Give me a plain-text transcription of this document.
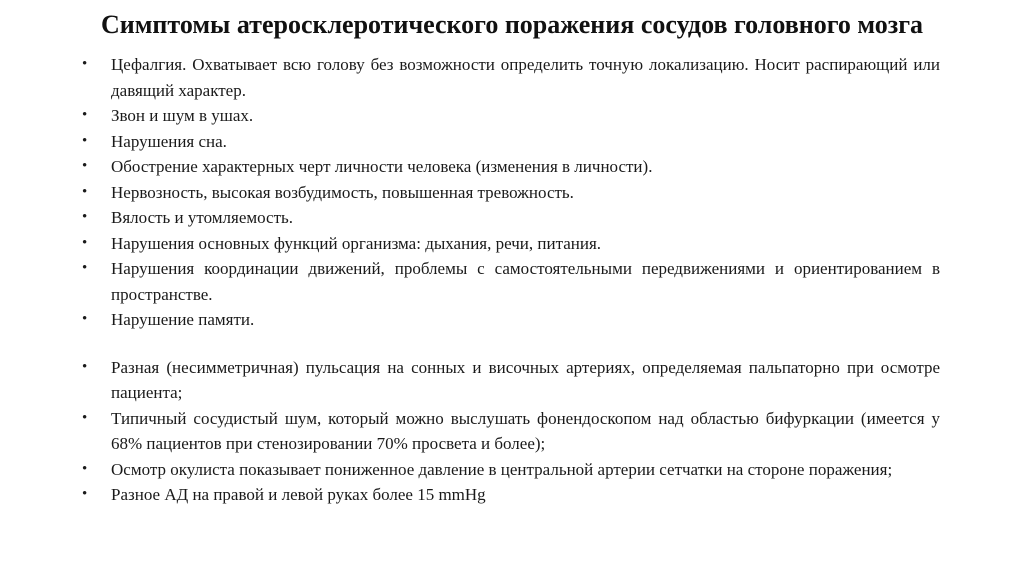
Симптомы атеросклеротического поражения сосудов головного мозга
• Цефалгия. Охватывает всю голову без возможности определить точную локализацию. Носит распирающий или давящий характер.
• Звон и шум в ушах.
• Нарушения сна.
• Обострение характерных черт личности человека (изменения в личности).
• Нервозность, высокая возбудимость, повышенная тревожность.
• Вялость и утомляемость.
• Нарушения основных функций организма: дыхания, речи, питания.
• Нарушения координации движений, проблемы с самостоятельными передвижениями и ориентированием в пространстве.
• Нарушение памяти.
• Разная (несимметричная) пульсация на сонных и височных артериях, определяемая пальпаторно при осмотре пациента;
• Типичный сосудистый шум, который можно выслушать фонендоскопом над областью бифуркации (имеется у 68% пациентов при стенозировании 70% просвета и более);
• Осмотр окулиста показывает пониженное давление в центральной артерии сетчатки на стороне поражения;
• Разное АД на правой и левой руках более 15 mmHg
